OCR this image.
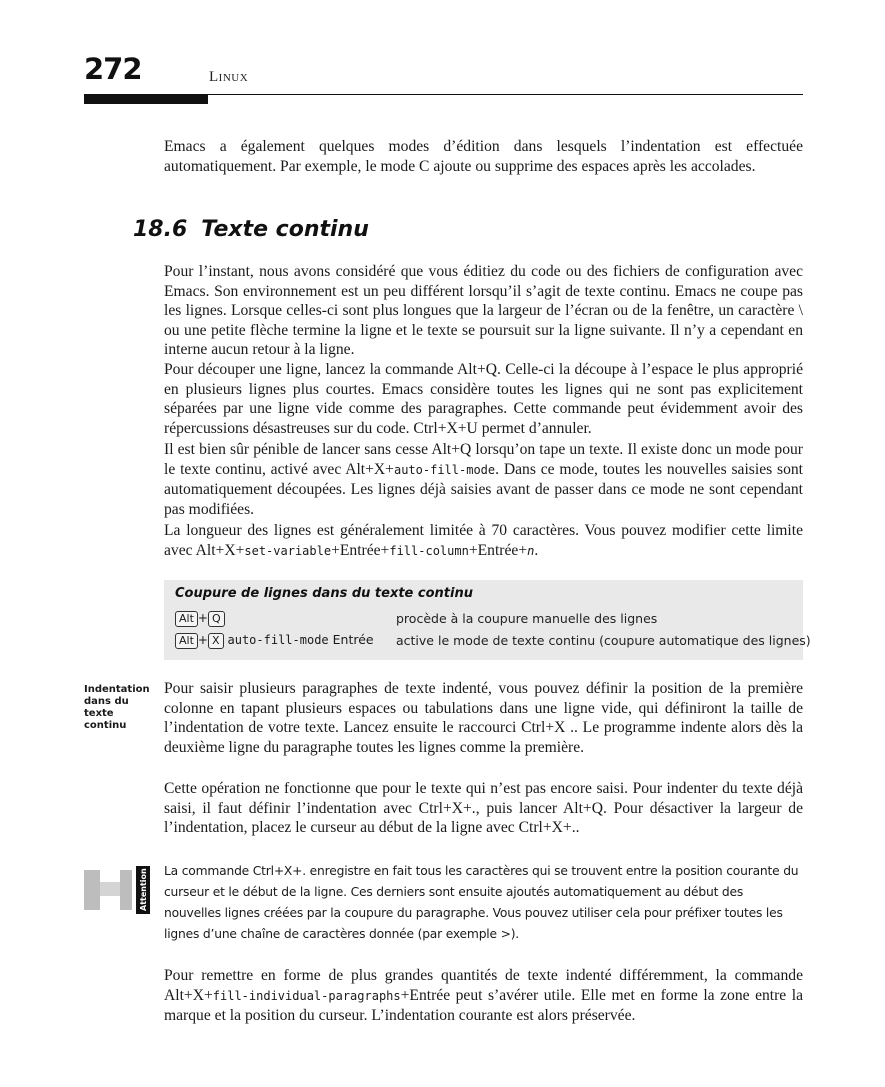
272	Linux

Emacs a également quelques modes d’édition dans lesquels l’indentation est effectuée automatiquement. Par exemple, le mode C ajoute ou supprime des espaces après les accolades.

18.6 Texte continu

Pour l’instant, nous avons considéré que vous éditiez du code ou des fichiers de configuration avec Emacs. Son environnement est un peu différent lorsqu’il s’agit de texte continu. Emacs ne coupe pas les lignes. Lorsque celles-ci sont plus longues que la largeur de l’écran ou de la fenêtre, un caractère \ ou une petite flèche termine la ligne et le texte se poursuit sur la ligne suivante. Il n’y a cependant en interne aucun retour à la ligne.

Pour découper une ligne, lancez la commande Alt+Q. Celle-ci la découpe à l’espace le plus approprié en plusieurs lignes plus courtes. Emacs considère toutes les lignes qui ne sont pas explicitement séparées par une ligne vide comme des paragraphes. Cette commande peut évidemment avoir des répercussions désastreuses sur du code. Ctrl+X+U permet d’annuler.

Il est bien sûr pénible de lancer sans cesse Alt+Q lorsqu’on tape un texte. Il existe donc un mode pour le texte continu, activé avec Alt+X+auto-fill-mode. Dans ce mode, toutes les nouvelles saisies sont automatiquement découpées. Les lignes déjà saisies avant de passer dans ce mode ne sont cependant pas modifiées.

La longueur des lignes est généralement limitée à 70 caractères. Vous pouvez modifier cette limite avec Alt+X+set-variable+Entrée+fill-column+Entrée+n.

Coupure de lignes dans du texte continu
Alt + Q	procède à la coupure manuelle des lignes
Alt + X auto-fill-mode Entrée active le mode de texte continu (coupure automatique des lignes)
Indentation dans du texte continu

Pour saisir plusieurs paragraphes de texte indenté, vous pouvez définir la position de la première colonne en tapant plusieurs espaces ou tabulations dans une ligne vide, qui définiront la taille de l’indentation de votre texte. Lancez ensuite le raccourci Ctrl+X .. Le programme indente alors dès la deuxième ligne du paragraphe toutes les lignes comme la première.

Cette opération ne fonctionne que pour le texte qui n’est pas encore saisi. Pour indenter du texte déjà saisi, il faut définir l’indentation avec Ctrl+X+., puis lancer Alt+Q. Pour désactiver la largeur de l’indentation, placez le curseur au début de la ligne avec Ctrl+X+..

Attention La commande Ctrl+X+. enregistre en fait tous les caractères qui se trouvent entre la position courante du curseur et le début de la ligne. Ces derniers sont ensuite ajoutés automatiquement au début des nouvelles lignes créées par la coupure du paragraphe. Vous pouvez utiliser cela pour préfixer toutes les lignes d’une chaîne de caractères donnée (par exemple >).

Pour remettre en forme de plus grandes quantités de texte indenté différemment, la commande Alt+X+fill-individual-paragraphs+Entrée peut s’avérer utile. Elle met en forme la zone entre la marque et la position du curseur. L’indentation courante est alors préservée.
